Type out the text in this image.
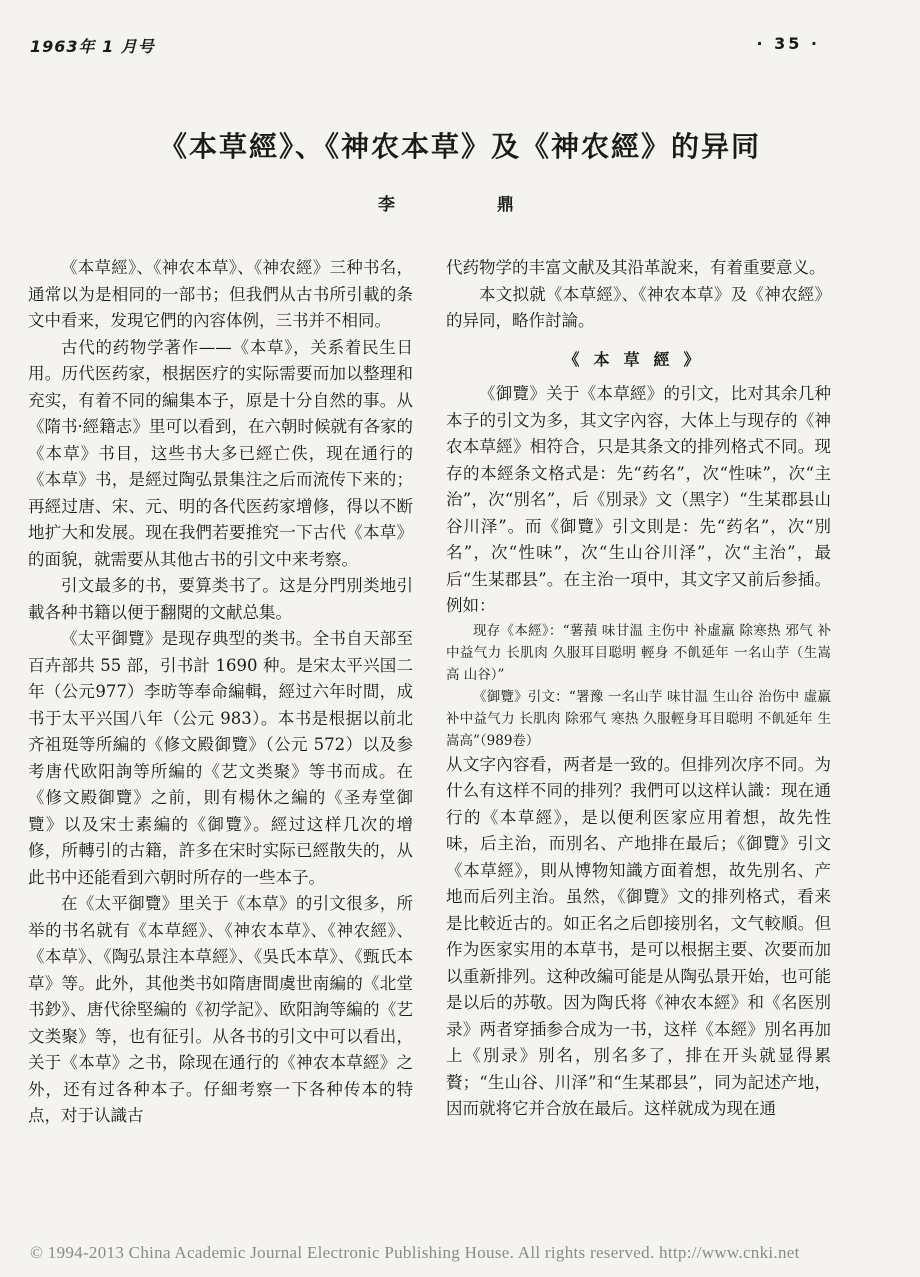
1963年 1 月号	· 35 ·
《本草經》、《神农本草》及《神农經》的异同
李 鼎

《本草經》、《神农本草》、《神农經》三种书名，通常以为是相同的一部书；但我們从古书所引載的条文中看来，发現它們的內容体例，三书并不相同。

古代的药物学著作——《本草》，关系着民生日用。历代医药家，根据医疗的实际需要而加以整理和充实，有着不同的編集本子，原是十分自然的事。从《隋书·經籍志》里可以看到，在六朝时候就有各家的《本草》书目，这些书大多已經亡佚，现在通行的《本草》书，是經过陶弘景集注之后而流传下来的；再經过唐、宋、元、明的各代医药家增修，得以不断地扩大和发展。现在我們若要推究一下古代《本草》的面貌，就需要从其他古书的引文中来考察。

引文最多的书，要算类书了。这是分門別类地引載各种书籍以便于翻閱的文献总集。

《太平御覽》是现存典型的类书。全书自天部至百卉部共 55 部，引书計 1690 种。是宋太平兴国二年（公元977）李昉等奉命編輯，經过六年时間，成书于太平兴国八年（公元 983）。本书是根据以前北齐祖珽等所編的《修文殿御覽》（公元 572）以及参考唐代欧阳詢等所編的《艺文类聚》等书而成。在《修文殿御覽》之前，則有楊休之編的《圣寿堂御覽》以及宋士素編的《御覽》。經过这样几次的增修，所轉引的古籍，許多在宋时实际已經散失的，从此书中还能看到六朝时所存的一些本子。

在《太平御覽》里关于《本草》的引文很多，所举的书名就有《本草經》、《神农本草》、《神农經》、《本草》、《陶弘景注本草經》、《吳氏本草》、《甄氏本草》等。此外，其他类书如隋唐間虞世南編的《北堂书鈔》、唐代徐堅編的《初学記》、欧阳詢等編的《艺文类聚》等，也有征引。从各书的引文中可以看出，关于《本草》之书，除现在通行的《神农本草經》之外，还有过各种本子。仔細考察一下各种传本的特点，对于认識古

代药物学的丰富文献及其沿革說来，有着重要意义。

本文拟就《本草經》、《神农本草》及《神农經》的异同，略作討論。

《本草經》

《御覽》关于《本草經》的引文，比对其余几种本子的引文为多，其文字內容，大体上与现存的《神农本草經》相符合，只是其条文的排列格式不同。现存的本經条文格式是：先“药名”，次“性味”，次“主治”，次“別名”，后《別录》文（黑字）“生某郡县山谷川泽”。而《御覽》引文則是：先“药名”，次“別名”，次“性味”，次“生山谷川泽”，次“主治”，最后“生某郡县”。在主治一項中，其文字又前后参插。例如：

现存《本經》：“薯蕷 味甘温 主伤中 补虛羸 除寒热 邪气 补中益气力 长肌肉 久服耳目聪明 輕身 不飢延年 一名山芋（生嵩高 山谷）”

《御覽》引文：“署豫 一名山芋 味甘温 生山谷 治伤中 虛羸 补中益气力 长肌肉 除邪气 寒热 久服輕身耳目聪明 不飢延年 生嵩高”（989卷）

从文字內容看，两者是一致的。但排列次序不同。为什么有这样不同的排列？我們可以这样认識：现在通行的《本草經》，是以便利医家应用着想，故先性味，后主治，而別名、产地排在最后；《御覽》引文《本草經》，則从博物知識方面着想，故先別名、产地而后列主治。虽然，《御覽》文的排列格式，看来是比較近古的。如正名之后卽接別名，文气較順。但作为医家实用的本草书，是可以根据主要、次要而加以重新排列。这种改編可能是从陶弘景开始，也可能是以后的苏敬。因为陶氏将《神农本經》和《名医別录》两者穿插参合成为一书，这样《本經》別名再加上《別录》別名，別名多了，排在开头就显得累贅；“生山谷、川泽”和“生某郡县”，同为記述产地，因而就将它并合放在最后。这样就成为现在通

© 1994-2013 China Academic Journal Electronic Publishing House. All rights reserved. http://www.cnki.net
